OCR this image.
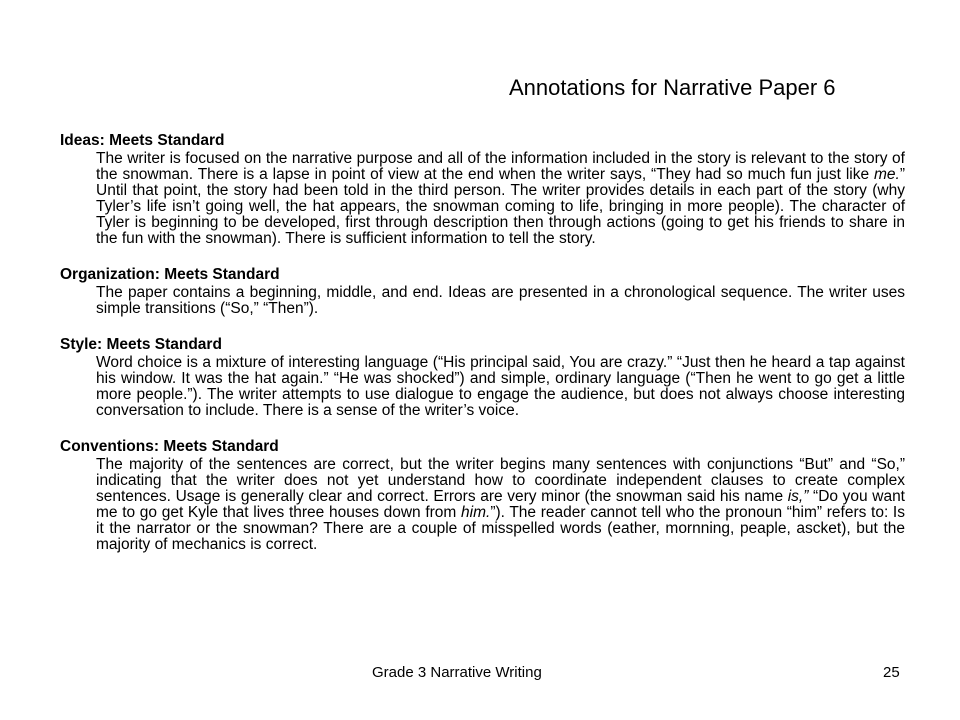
Annotations for Narrative Paper 6

Ideas: Meets Standard

The writer is focused on the narrative purpose and all of the information included in the story is relevant to the story of the snowman. There is a lapse in point of view at the end when the writer says, “They had so much fun just like me.” Until that point, the story had been told in the third person. The writer provides details in each part of the story (why Tyler’s life isn’t going well, the hat appears, the snowman coming to life, bringing in more people). The character of Tyler is beginning to be developed, first through description then through actions (going to get his friends to share in the fun with the snowman). There is sufficient information to tell the story.

Organization: Meets Standard

The paper contains a beginning, middle, and end. Ideas are presented in a chronological sequence. The writer uses simple transitions (“So,” “Then”).

Style: Meets Standard

Word choice is a mixture of interesting language (“His principal said, You are crazy.” “Just then he heard a tap against his window. It was the hat again.” “He was shocked”) and simple, ordinary language (“Then he went to go get a little more people.”). The writer attempts to use dialogue to engage the audience, but does not always choose interesting conversation to include. There is a sense of the writer’s voice.

Conventions: Meets Standard

The majority of the sentences are correct, but the writer begins many sentences with conjunctions “But” and “So,” indicating that the writer does not yet understand how to coordinate independent clauses to create complex sentences. Usage is generally clear and correct. Errors are very minor (the snowman said his name is,” “Do you want me to go get Kyle that lives three houses down from him.”). The reader cannot tell who the pronoun “him” refers to: Is it the narrator or the snowman? There are a couple of misspelled words (eather, mornning, peaple, ascket), but the majority of mechanics is correct.

Grade 3 Narrative Writing	25
